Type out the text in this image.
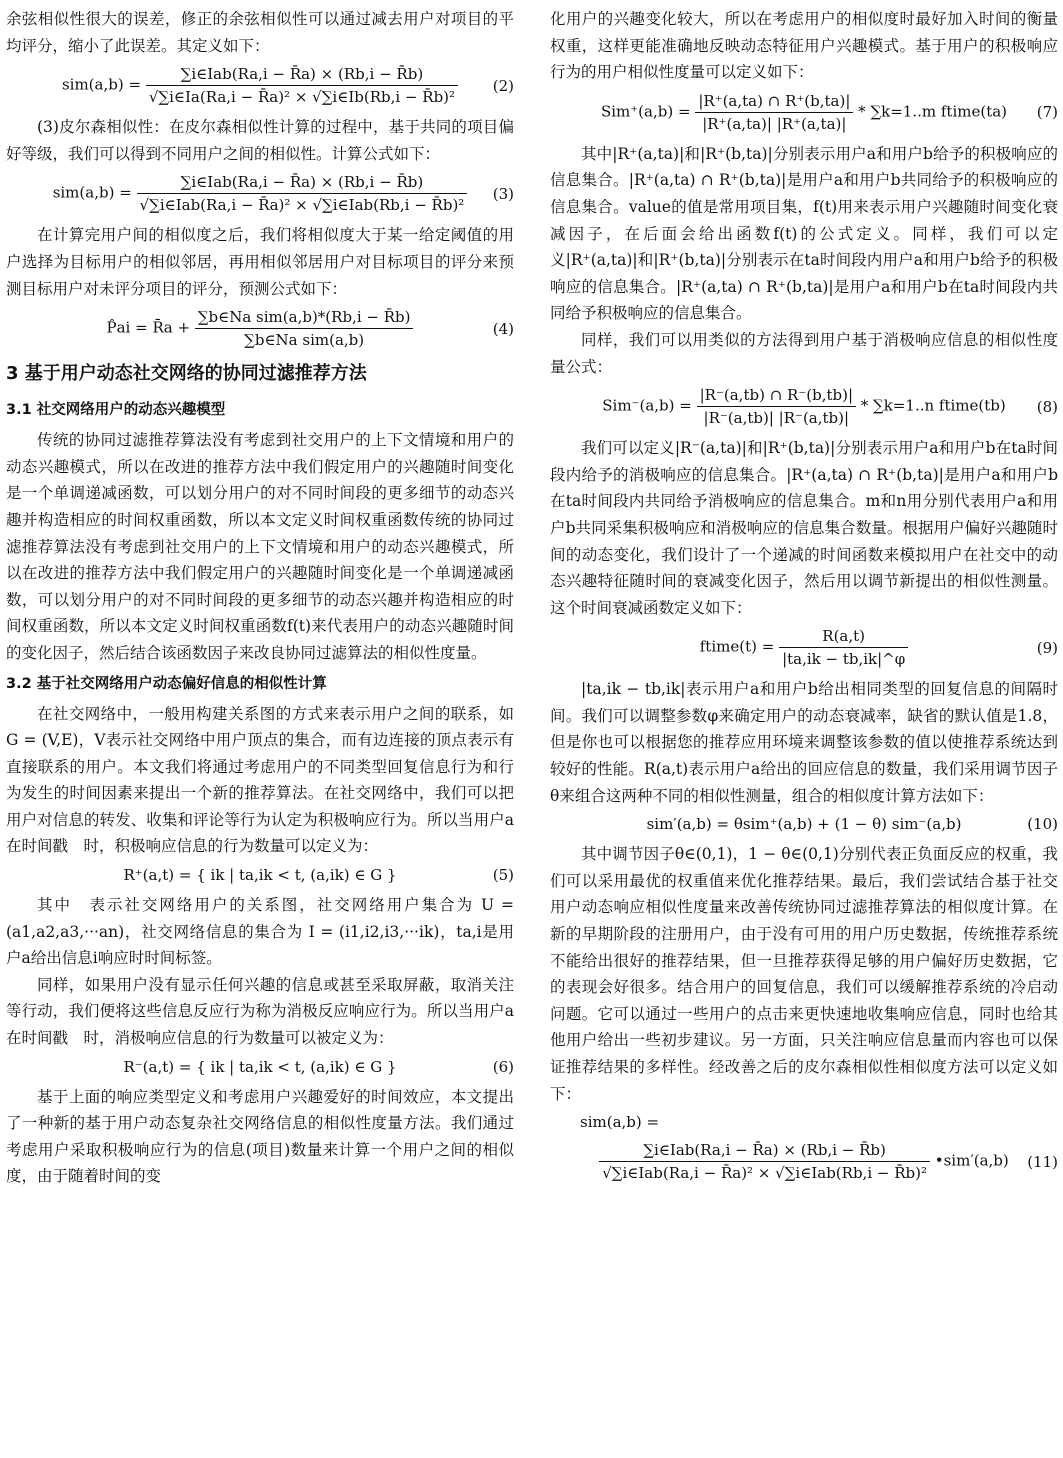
余弦相似性很大的误差，修正的余弦相似性可以通过减去用户对项目的平均评分，缩小了此误差。其定义如下：

$sim(a,b) = \frac{\text{∑i∈Iab(Ra,i − R̄a) × (Rb,i − R̄b)}}{\text{√∑i∈Ia(Ra,i − R̄a)² × √∑i∈Ib(Rb,i − R̄b)²}} (2)$

(3)皮尔森相似性：在皮尔森相似性计算的过程中，基于共同的项目偏好等级，我们可以得到不同用户之间的相似性。计算公式如下：

$sim(a,b) = \frac{\text{∑i∈Iab(Ra,i − R̄a) × (Rb,i − R̄b)}}{\text{√∑i∈Iab(Ra,i − R̄a)² × √∑i∈Iab(Rb,i − R̄b)²}} (3)$

在计算完用户间的相似度之后，我们将相似度大于某一给定阈值的用户选择为目标用户的相似邻居，再用相似邻居用户对目标项目的评分来预测目标用户对未评分项目的评分，预测公式如下：

P̂ai = R̄a + $\frac{\text{∑b∈Na sim(a,b)*(Rb,i − R̄b)}}{\text{∑b∈Na sim(a,b)}}$	(4)
3 基于用户动态社交网络的协同过滤推荐方法
3.1 社交网络用户的动态兴趣模型

传统的协同过滤推荐算法没有考虑到社交用户的上下文情境和用户的动态兴趣模式，所以在改进的推荐方法中我们假定用户的兴趣随时间变化是一个单调递减函数，可以划分用户的对不同时间段的更多细节的动态兴趣并构造相应的时间权重函数，所以本文定义时间权重函数传统的协同过滤推荐算法没有考虑到社交用户的上下文情境和用户的动态兴趣模式，所以在改进的推荐方法中我们假定用户的兴趣随时间变化是一个单调递减函数，可以划分用户的对不同时间段的更多细节的动态兴趣并构造相应的时间权重函数，所以本文定义时间权重函数f(t)来代表用户的动态兴趣随时间的变化因子，然后结合该函数因子来改良协同过滤算法的相似性度量。

3.2 基于社交网络用户动态偏好信息的相似性计算

在社交网络中，一般用构建关系图的方式来表示用户之间的联系，如G = (V,E)，V表示社交网络中用户顶点的集合，而有边连接的顶点表示有直接联系的用户。本文我们将通过考虑用户的不同类型回复信息行为和行为发生的时间因素来提出一个新的推荐算法。在社交网络中，我们可以把用户对信息的转发、收集和评论等行为认定为积极响应行为。所以当用户a在时间戳　时，积极响应信息的行为数量可以定义为：

R⁺(a,t) = { ik | ta,ik < t, (a,ik) ∈ G }	(5)

其中　表示社交网络用户的关系图，社交网络用户集合为 U = (a1,a2,a3,···an)，社交网络信息的集合为 I = (i1,i2,i3,···ik)，ta,i是用户a给出信息i响应时时间标签。

同样，如果用户没有显示任何兴趣的信息或甚至采取屏蔽，取消关注等行动，我们便将这些信息反应行为称为消极反应响应行为。所以当用户a在时间戳　时，消极响应信息的行为数量可以被定义为：

R⁻(a,t) = { ik | ta,ik < t, (a,ik) ∈ G }	(6)

基于上面的响应类型定义和考虑用户兴趣爱好的时间效应，本文提出了一种新的基于用户动态复杂社交网络信息的相似性度量方法。我们通过考虑用户采取积极响应行为的信息(项目)数量来计算一个用户之间的相似度，由于随着时间的变

化用户的兴趣变化较大，所以在考虑用户的相似度时最好加入时间的衡量权重，这样更能准确地反映动态特征用户兴趣模式。基于用户的积极响应行为的用户相似性度量可以定义如下：

$Sim^+(a,b) = \frac{|R^+(a,ta) \cap R^+(b,ta)|}{|R^+(a,ta)| |R^+(a,ta)|} * \sum k=1..m$ ftime(ta) (7)

其中|R⁺(a,ta)|和|R⁺(b,ta)|分别表示用户a和用户b给予的积极响应的信息集合。|R⁺(a,ta) ∩ R⁺(b,ta)|是用户a和用户b共同给予的积极响应的信息集合。value的值是常用项目集，f(t)用来表示用户兴趣随时间变化衰减因子，在后面会给出函数f(t)的公式定义。同样，我们可以定义|R⁺(a,ta)|和|R⁺(b,ta)|分别表示在ta时间段内用户a和用户b给予的积极响应的信息集合。|R⁺(a,ta) ∩ R⁺(b,ta)|是用户a和用户b在ta时间段内共同给予积极响应的信息集合。

同样，我们可以用类似的方法得到用户基于消极响应信息的相似性度量公式：

$Sim^-(a,b) = \frac{|R^-(a,tb) \cap R^-(b,tb)|}{|R^-(a,tb)| |R^-(a,tb)|} * \sum k=1..n$ ftime(tb) (8)

我们可以定义|R⁻(a,ta)|和|R⁺(b,ta)|分别表示用户a和用户b在ta时间段内给予的消极响应的信息集合。|R⁺(a,ta) ∩ R⁺(b,ta)|是用户a和用户b在ta时间段内共同给予消极响应的信息集合。m和n用分别代表用户a和用户b共同采集积极响应和消极响应的信息集合数量。根据用户偏好兴趣随时间的动态变化，我们设计了一个递减的时间函数来模拟用户在社交中的动态兴趣特征随时间的衰减变化因子，然后用以调节新提出的相似性测量。这个时间衰减函数定义如下：

ftime(t) = $\frac{R(a,t)}{|ta,ik - tb,ik|\^{}\varphi}$	(9)

|ta,ik − tb,ik|表示用户a和用户b给出相同类型的回复信息的间隔时间。我们可以调整参数φ来确定用户的动态衰减率，缺省的默认值是1.8，但是你也可以根据您的推荐应用环境来调整该参数的值以使推荐系统达到较好的性能。R(a,t)表示用户a给出的回应信息的数量，我们采用调节因子θ来组合这两种不同的相似性测量，组合的相似度计算方法如下：

sim′(a,b) = θsim⁺(a,b) + (1 − θ) sim⁻(a,b)	(10)

其中调节因子θ∈(0,1)，1 − θ∈(0,1)分别代表正负面反应的权重，我们可以采用最优的权重值来优化推荐结果。最后，我们尝试结合基于社交用户动态响应相似性度量来改善传统协同过滤推荐算法的相似度计算。在新的早期阶段的注册用户，由于没有可用的用户历史数据，传统推荐系统不能给出很好的推荐结果，但一旦推荐获得足够的用户偏好历史数据，它的表现会好很多。结合用户的回复信息，我们可以缓解推荐系统的冷启动问题。它可以通过一些用户的点击来更快速地收集响应信息，同时也给其他用户给出一些初步建议。另一方面，只关注响应信息量而内容也可以保证推荐结果的多样性。经改善之后的皮尔森相似性相似度方法可以定义如下：

sim(a,b) =
$\frac{\text{∑i∈Iab(Ra,i − R̄a) × (Rb,i − R̄b)}}{\text{√∑i∈Iab(Ra,i − R̄a)² × √∑i∈Iab(Rb,i − R̄b)²}}$ •sim′(a,b) (11)
